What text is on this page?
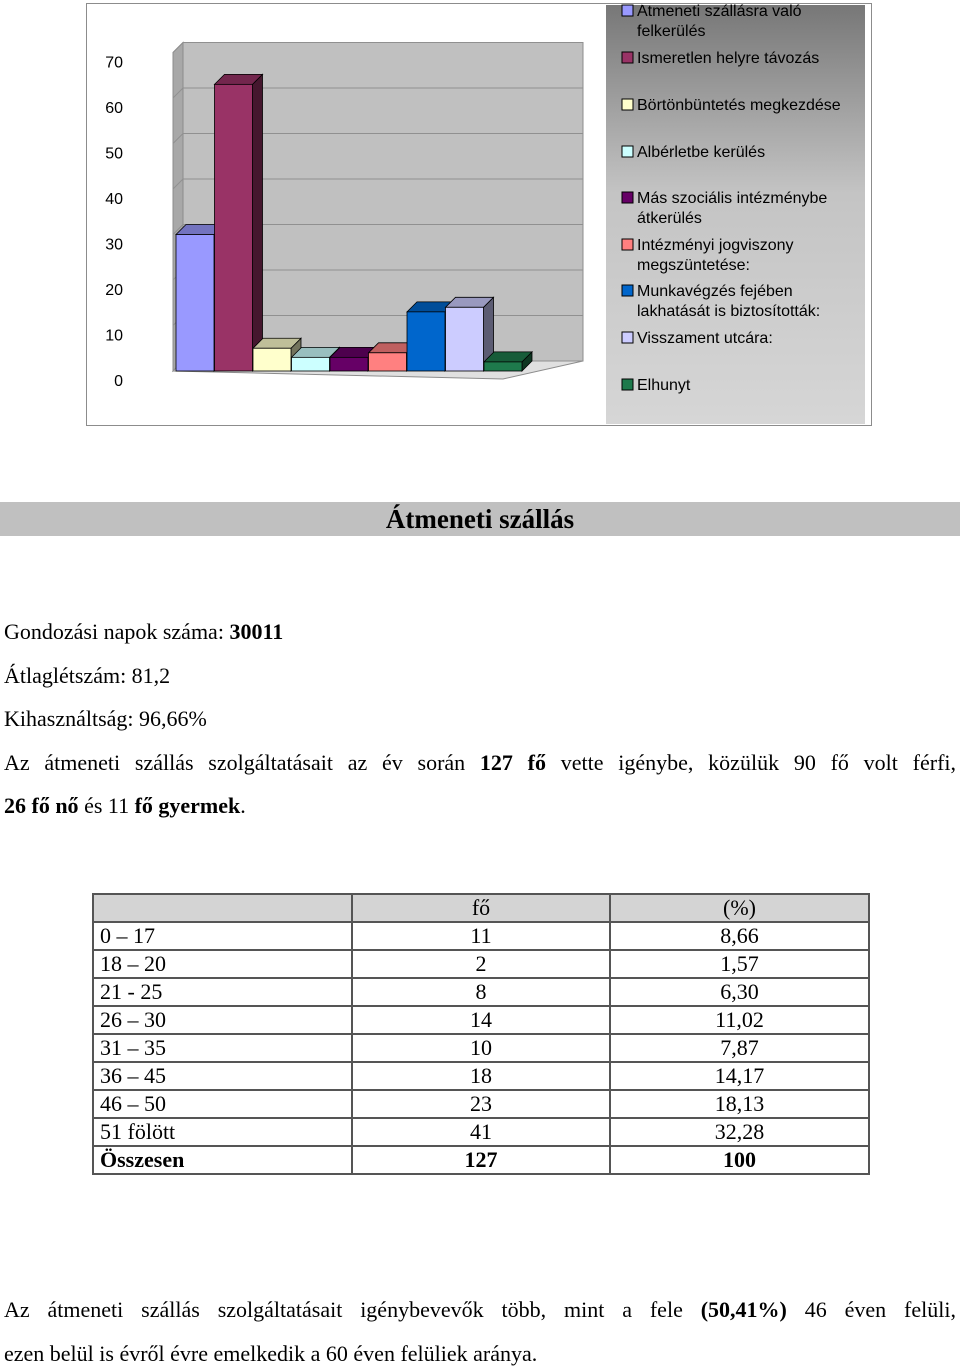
0
10
20
30
40
50
60
70
Átmeneti szállásra való
felkerülés
Ismeretlen helyre távozás
Börtönbüntetés megkezdése
Albérletbe kerülés
Más szociális intézménybe
átkerülés
Intézményi jogviszony
megszüntetése:
Munkavégzés fejében
lakhatását is biztosították:
Visszament utcára:
Elhunyt
Átmeneti szállás
Gondozási napok száma: 30011
Átlaglétszám: 81,2
Kihasználtság: 96,66%
Az átmeneti szállás szolgáltatásait az év során 127 fő vette igénybe, közülük 90 fő volt férfi,
26 fő nő és 11 fő gyermek.
	fő	(%)
0 – 17	11	8,66
18 – 20	2	1,57
21 - 25	8	6,30
26 – 30	14	11,02
31 – 35	10	7,87
36 – 45	18	14,17
46 – 50	23	18,13
51 fölött	41	32,28
Összesen	127	100
Az átmeneti szállás szolgáltatásait igénybevevők több, mint a fele (50,41%) 46 éven felüli,
ezen belül is évről évre emelkedik a 60 éven felüliek aránya.
